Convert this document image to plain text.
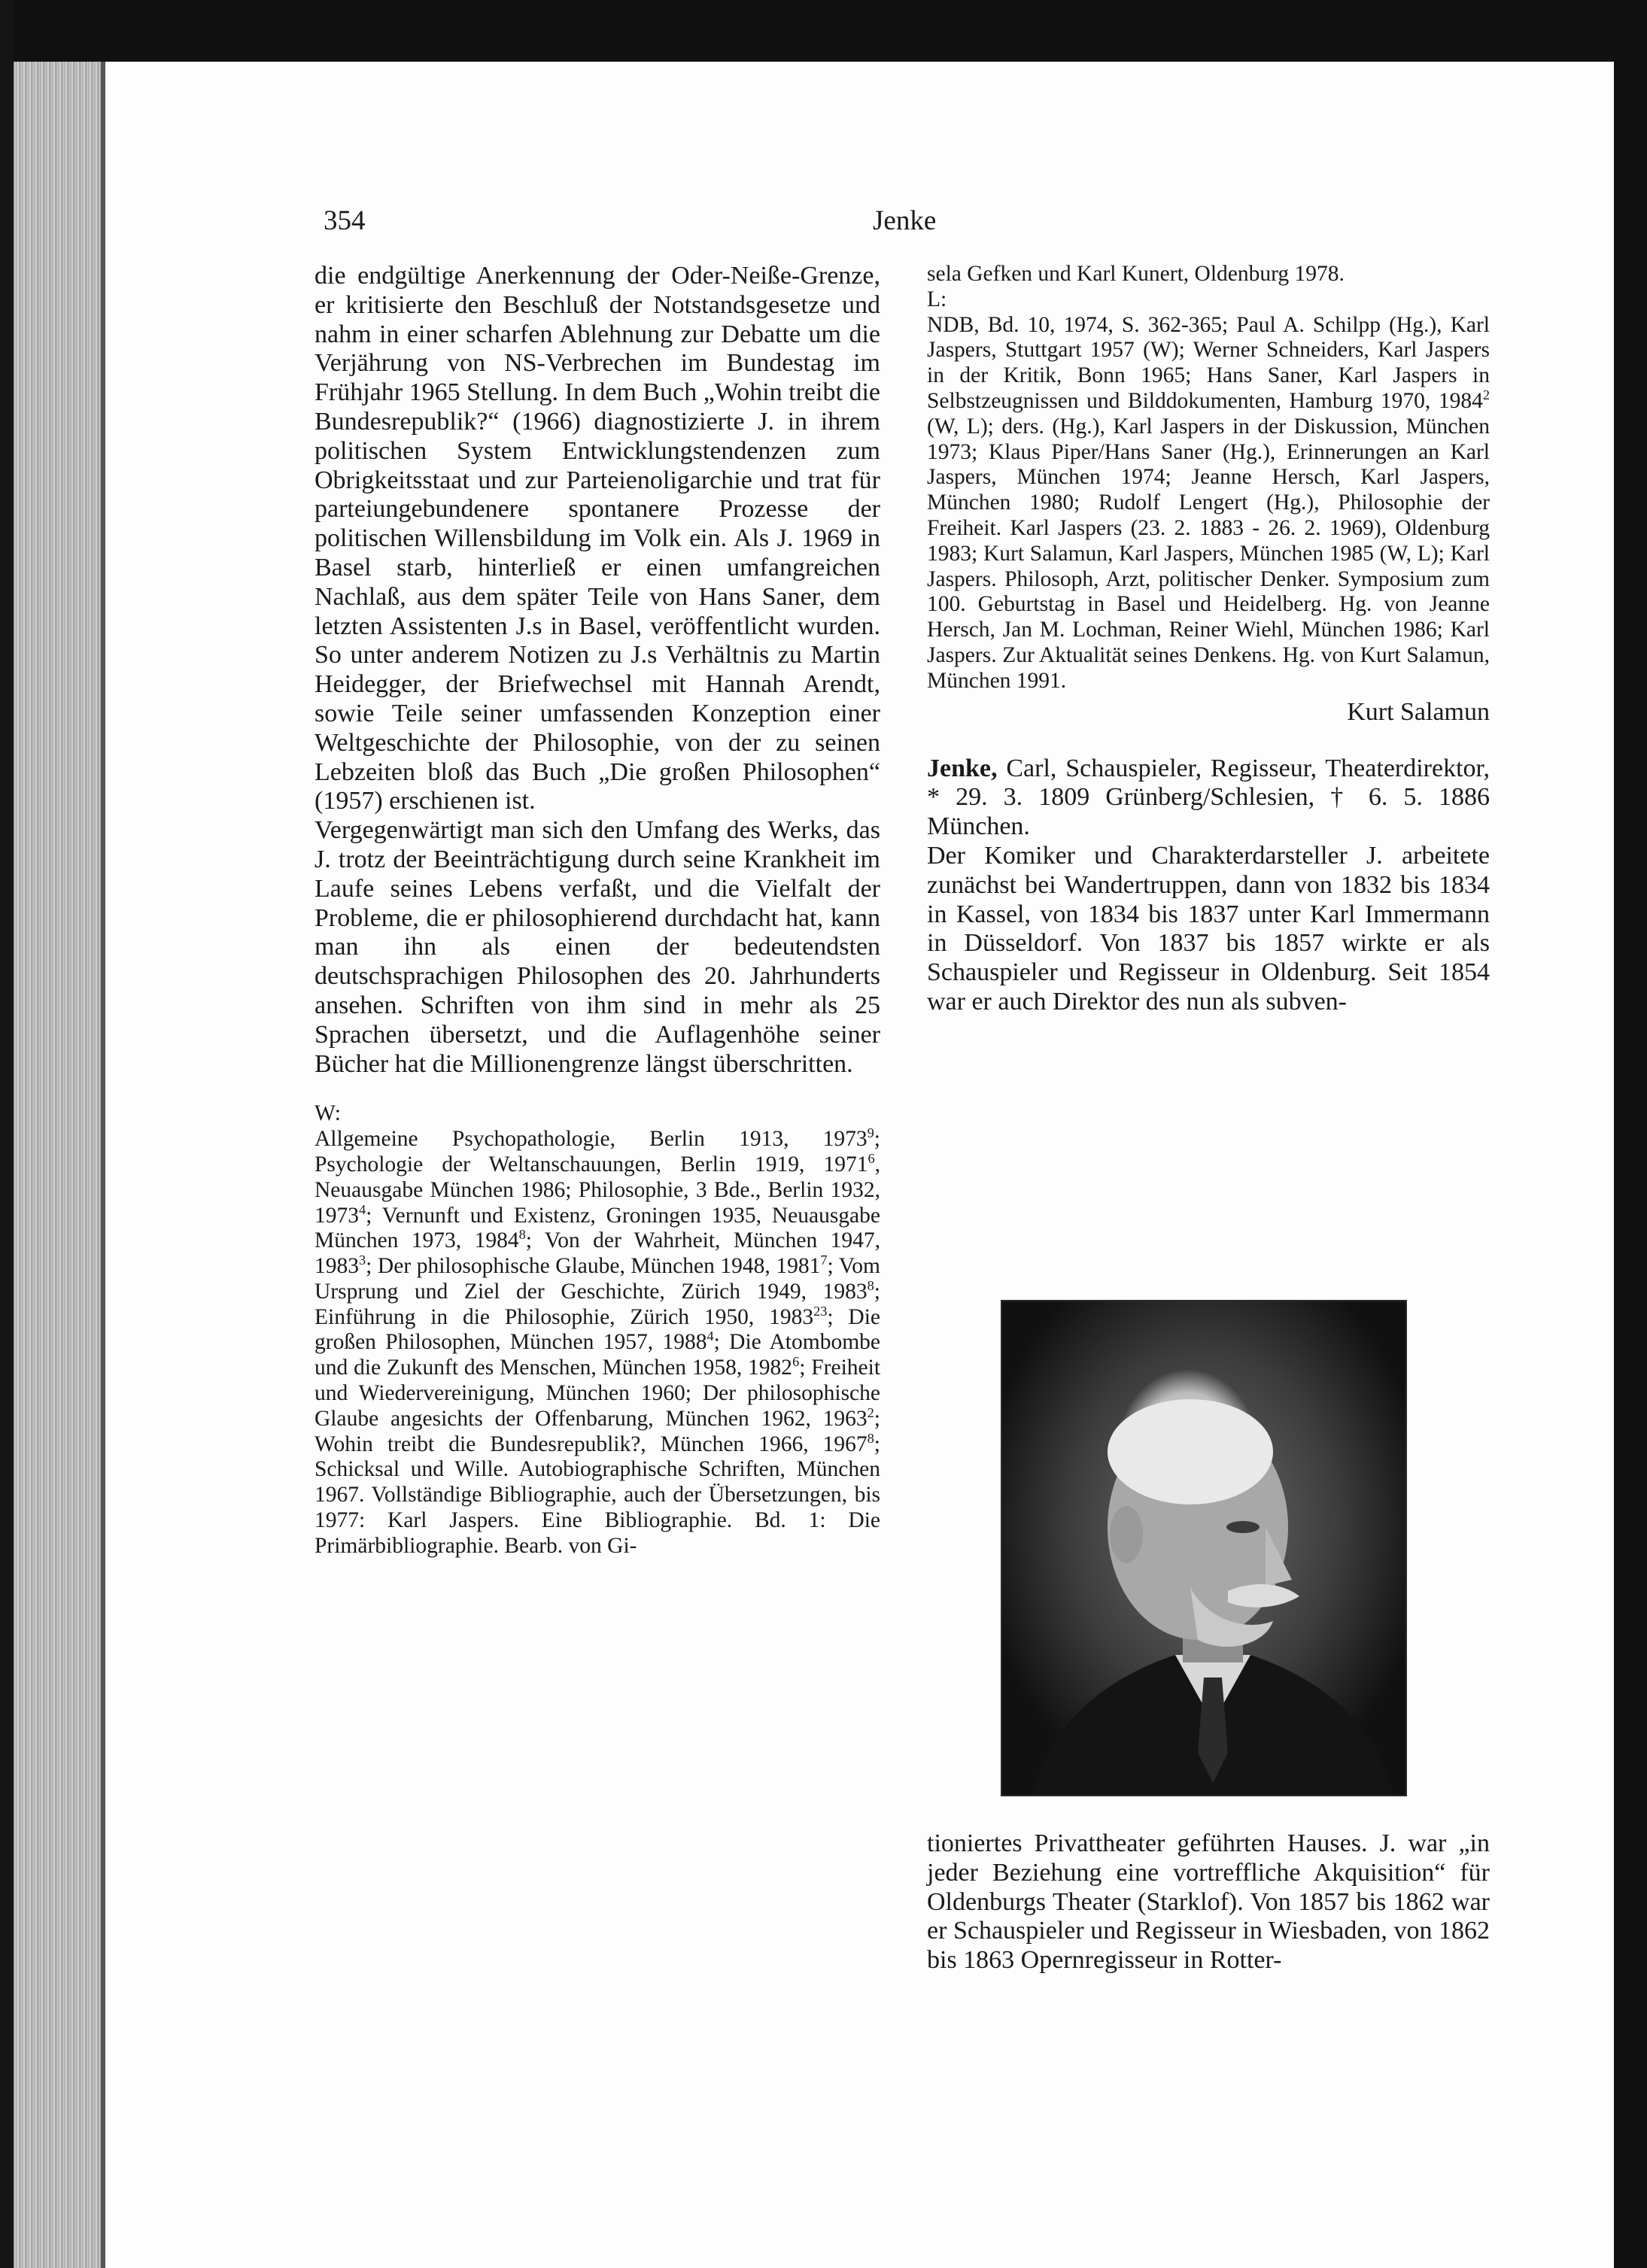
354	Jenke

die endgültige Anerkennung der Oder-Neiße-Grenze, er kritisierte den Beschluß der Notstandsgesetze und nahm in einer scharfen Ablehnung zur Debatte um die Verjährung von NS-Verbrechen im Bundestag im Frühjahr 1965 Stellung. In dem Buch „Wohin treibt die Bundesrepublik?“ (1966) diagnostizierte J. in ihrem politischen System Entwicklungstendenzen zum Obrigkeitsstaat und zur Parteienoligarchie und trat für parteiungebundenere spontanere Prozesse der politischen Willensbildung im Volk ein. Als J. 1969 in Basel starb, hinterließ er einen umfangreichen Nachlaß, aus dem später Teile von Hans Saner, dem letzten Assistenten J.s in Basel, veröffentlicht wurden. So unter anderem Notizen zu J.s Verhältnis zu Martin Heidegger, der Briefwechsel mit Hannah Arendt, sowie Teile seiner umfassenden Konzeption einer Weltgeschichte der Philosophie, von der zu seinen Lebzeiten bloß das Buch „Die großen Philosophen“ (1957) erschienen ist.

Vergegenwärtigt man sich den Umfang des Werks, das J. trotz der Beeinträchtigung durch seine Krankheit im Laufe seines Lebens verfaßt, und die Vielfalt der Probleme, die er philosophierend durchdacht hat, kann man ihn als einen der bedeutendsten deutschsprachigen Philosophen des 20. Jahrhunderts ansehen. Schriften von ihm sind in mehr als 25 Sprachen übersetzt, und die Auflagenhöhe seiner Bücher hat die Millionengrenze längst überschritten.

W:

Allgemeine Psychopathologie, Berlin 1913, 1973$^9$; Psychologie der Weltanschauungen, Berlin 1919, 1971$^6$, Neuausgabe München 1986; Philosophie, 3 Bde., Berlin 1932, 1973$^4$; Vernunft und Existenz, Groningen 1935, Neuausgabe München 1973, 1984$^8$; Von der Wahrheit, München 1947, 1983$^3$; Der philosophische Glaube, München 1948, 1981$^7$; Vom Ursprung und Ziel der Geschichte, Zürich 1949, 1983$^8$; Einführung in die Philosophie, Zürich 1950, 1983$^{23}$; Die großen Philosophen, München 1957, 1988$^4$; Die Atombombe und die Zukunft des Menschen, München 1958, 1982$^6$; Freiheit und Wiedervereinigung, München 1960; Der philosophische Glaube angesichts der Offenbarung, München 1962, 1963$^2$; Wohin treibt die Bundesrepublik?, München 1966, 1967$^8$; Schicksal und Wille. Autobiographische Schriften, München 1967. Vollständige Bibliographie, auch der Übersetzungen, bis 1977: Karl Jaspers. Eine Bibliographie. Bd. 1: Die Primärbibliographie. Bearb. von Gi-

sela Gefken und Karl Kunert, Oldenburg 1978.

L:

NDB, Bd. 10, 1974, S. 362-365; Paul A. Schilpp (Hg.), Karl Jaspers, Stuttgart 1957 (W); Werner Schneiders, Karl Jaspers in der Kritik, Bonn 1965; Hans Saner, Karl Jaspers in Selbstzeugnissen und Bilddokumenten, Hamburg 1970, 1984$^2$ (W, L); ders. (Hg.), Karl Jaspers in der Diskussion, München 1973; Klaus Piper/Hans Saner (Hg.), Erinnerungen an Karl Jaspers, München 1974; Jeanne Hersch, Karl Jaspers, München 1980; Rudolf Lengert (Hg.), Philosophie der Freiheit. Karl Jaspers (23. 2. 1883 - 26. 2. 1969), Oldenburg 1983; Kurt Salamun, Karl Jaspers, München 1985 (W, L); Karl Jaspers. Philosoph, Arzt, politischer Denker. Symposium zum 100. Geburtstag in Basel und Heidelberg. Hg. von Jeanne Hersch, Jan M. Lochman, Reiner Wiehl, München 1986; Karl Jaspers. Zur Aktualität seines Denkens. Hg. von Kurt Salamun, München 1991.

Kurt Salamun

Jenke, Carl, Schauspieler, Regisseur, Theaterdirektor, * 29. 3. 1809 Grünberg/Schlesien, † 6. 5. 1886 München.

Der Komiker und Charakterdarsteller J. arbeitete zunächst bei Wandertruppen, dann von 1832 bis 1834 in Kassel, von 1834 bis 1837 unter Karl Immermann in Düsseldorf. Von 1837 bis 1857 wirkte er als Schauspieler und Regisseur in Oldenburg. Seit 1854 war er auch Direktor des nun als subven-

tioniertes Privattheater geführten Hauses. J. war „in jeder Beziehung eine vortreffliche Akquisition“ für Oldenburgs Theater (Starklof). Von 1857 bis 1862 war er Schauspieler und Regisseur in Wiesbaden, von 1862 bis 1863 Opernregisseur in Rotter-
